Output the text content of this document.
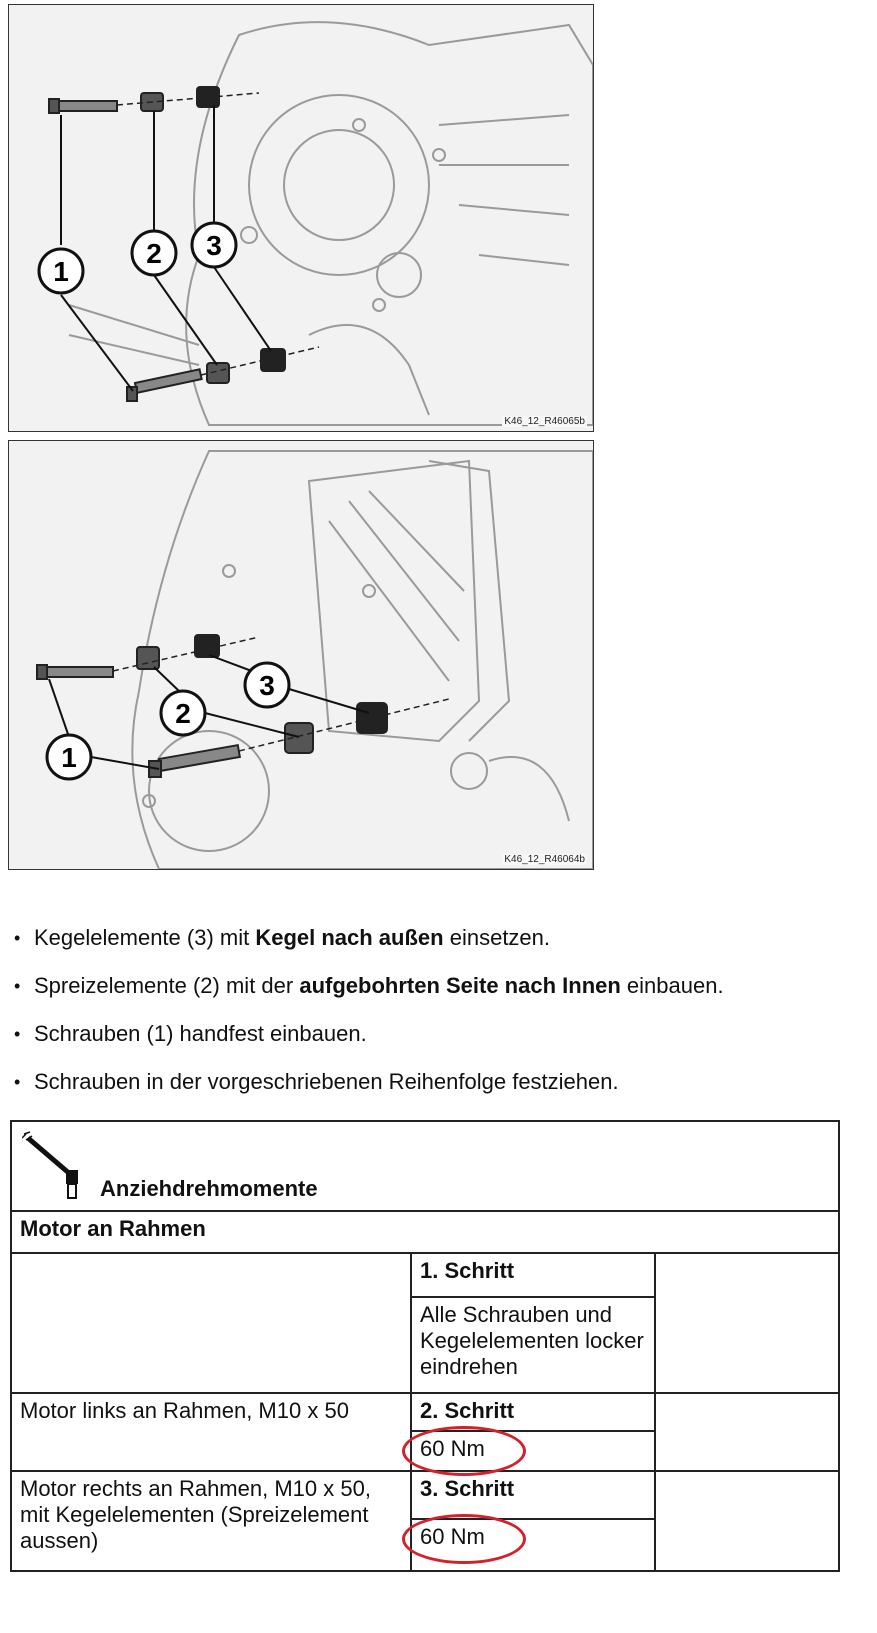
1
2 3
K46_12_R46065b
1
2
3
K46_12_R46064b
• Kegelelemente (3) mit Kegel nach außen einsetzen.
• Spreizelemente (2) mit der aufgebohrten Seite nach Innen einbauen.
• Schrauben (1) handfest einbauen.
• Schrauben in der vorgeschriebenen Reihenfolge festziehen.
Anziehdrehmomente		

Motor an Rahmen		
	1. Schritt	
	Alle Schrauben und Kegelelementen locker eindrehen	
Motor links an Rahmen, M10 x 50	2. Schritt	

60 Nm	
Motor rechts an Rahmen, M10 x 50, mit Kegelelementen (Spreizelement aussen)	3. Schritt	

60 Nm	
